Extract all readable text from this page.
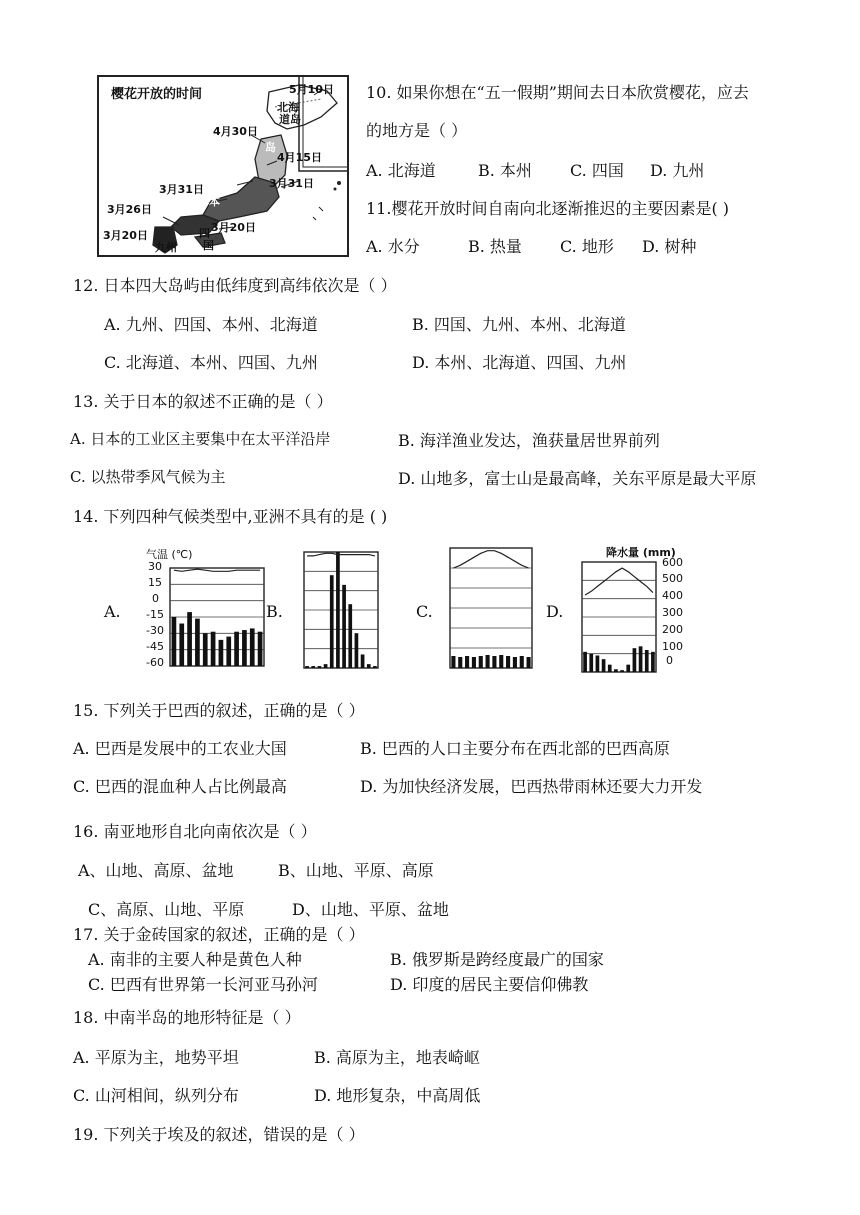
樱花开放的时间	5月10日
北海
道岛
4月30日
岛
4月15日
3月31日	3月31日
3月26日
本
3月20日
3月20日	四
国
九州
10. 如果你想在“五一假期”期间去日本欣赏樱花，应去
的地方是（ ）
A. 北海道	B. 本州 C. 四国 D. 九州
11.樱花开放时间自南向北逐渐推迟的主要因素是( )
A. 水分	B. 热量 C. 地形 D. 树种
12. 日本四大岛屿由低纬度到高纬依次是（ ）
A. 九州、四国、本州、北海道	B. 四国、九州、本州、北海道
C. 北海道、本州、四国、九州	D. 本州、北海道、四国、九州
13. 关于日本的叙述不正确的是（ ）
A. 日本的工业区主要集中在太平洋沿岸	B. 海洋渔业发达，渔获量居世界前列
C. 以热带季风气候为主	D. 山地多，富士山是最高峰，关东平原是最大平原
14. 下列四种气候类型中,亚洲不具有的是 ( )
A.	B.	C.	D.
气温 (℃)
30
15
0
-15
-30
-45
-60
降水量 (mm)
600
500
400
300
200
100
0
15. 下列关于巴西的叙述，正确的是（ ）
A. 巴西是发展中的工农业大国	B. 巴西的人口主要分布在西北部的巴西高原
C. 巴西的混血种人占比例最高	D. 为加快经济发展，巴西热带雨林还要大力开发
16. 南亚地形自北向南依次是（ ）
A、山地、高原、盆地	B、山地、平原、高原
C、高原、山地、平原	D、山地、平原、盆地
17. 关于金砖国家的叙述，正确的是（ ）
A. 南非的主要人种是黄色人种	B. 俄罗斯是跨经度最广的国家
C. 巴西有世界第一长河亚马孙河	D. 印度的居民主要信仰佛教
18. 中南半岛的地形特征是（ ）
A. 平原为主，地势平坦	B. 高原为主，地表崎岖
C. 山河相间，纵列分布	D. 地形复杂，中高周低
19. 下列关于埃及的叙述，错误的是（ ）
